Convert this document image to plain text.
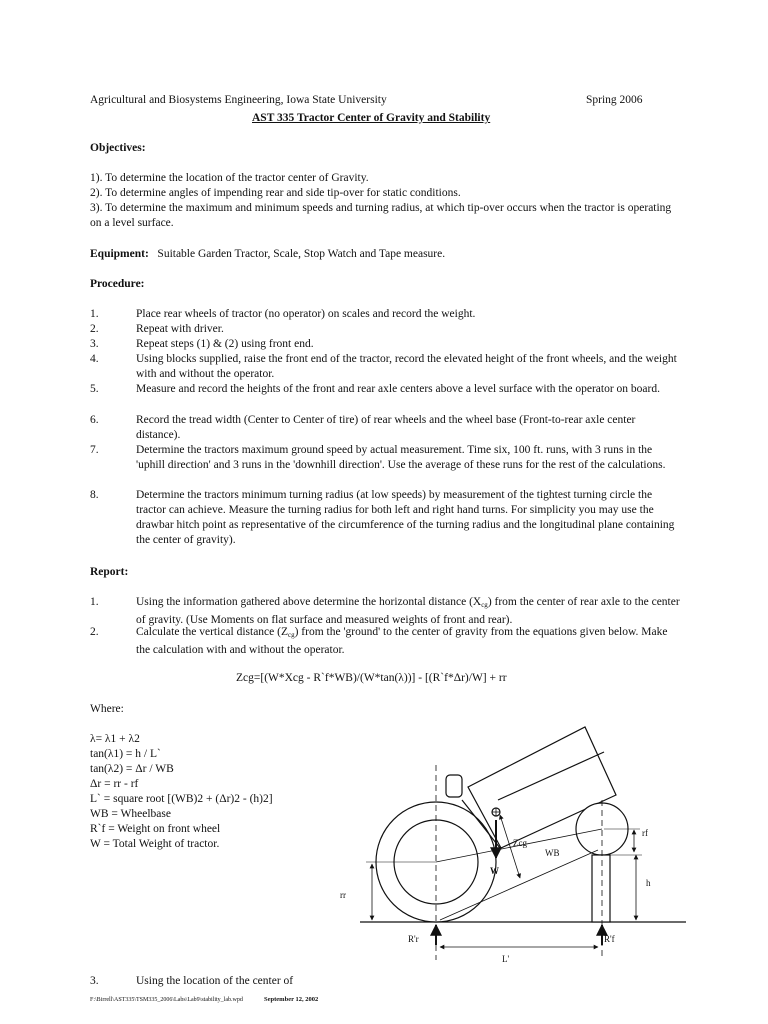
Agricultural and Biosystems Engineering, Iowa State University	Spring 2006
AST 335 Tractor Center of Gravity and Stability
Objectives:
1). To determine the location of the tractor center of Gravity.
2). To determine angles of impending rear and side tip-over for static conditions.
3). To determine the maximum and minimum speeds and turning radius, at which tip-over occurs when the tractor is operating on a level surface.
Equipment: Suitable Garden Tractor, Scale, Stop Watch and Tape measure.
Procedure:
1.	Place rear wheels of tractor (no operator) on scales and record the weight.
2.	Repeat with driver.
3.	Repeat steps (1) & (2) using front end.
4.	Using blocks supplied, raise the front end of the tractor, record the elevated height of the front wheels, and the weight with and without the operator.
5.	Measure and record the heights of the front and rear axle centers above a level surface with the operator on board.
6.	Record the tread width (Center to Center of tire) of rear wheels and the wheel base (Front-to-rear axle center distance).
7.	Determine the tractors maximum ground speed by actual measurement. Time six, 100 ft. runs, with 3 runs in the 'uphill direction' and 3 runs in the 'downhill direction'. Use the average of these runs for the rest of the calculations.
8.	Determine the tractors minimum turning radius (at low speeds) by measurement of the tightest turning circle the tractor can achieve. Measure the turning radius for both left and right hand turns. For simplicity you may use the drawbar hitch point as representative of the circumference of the turning radius and the longitudinal plane containing the center of gravity).
Report:
1.	Using the information gathered above determine the horizontal distance $(X_{cg})$ from the center of rear axle to the center of gravity. (Use Moments on flat surface and measured weights of front and rear).
2.	Calculate the vertical distance $(Z_{cg})$ from the 'ground' to the center of gravity from the equations given below. Make the calculation with and without the operator.
Zcg=[(W*Xcg - R`f*WB)/(W*tan(λ))] - [(R`f*Δr)/W] + rr
Where:
λ= λ1 + λ2
tan(λ1) = h / L`
tan(λ2) = Δr / WB
Δr = rr - rf
L` = square root [(WB)2 + (Δr)2 - (h)2]
WB = Wheelbase
R`f = Weight on front wheel
W = Total Weight of tractor.
rf
Zcg
WB
W
h
rr
R'r	R'f
L'
3.	Using the location of the center of
F:\Birrell\AST335\TSM335_2006\Labs\Lab9\stability_lab.wpd	September 12, 2002
